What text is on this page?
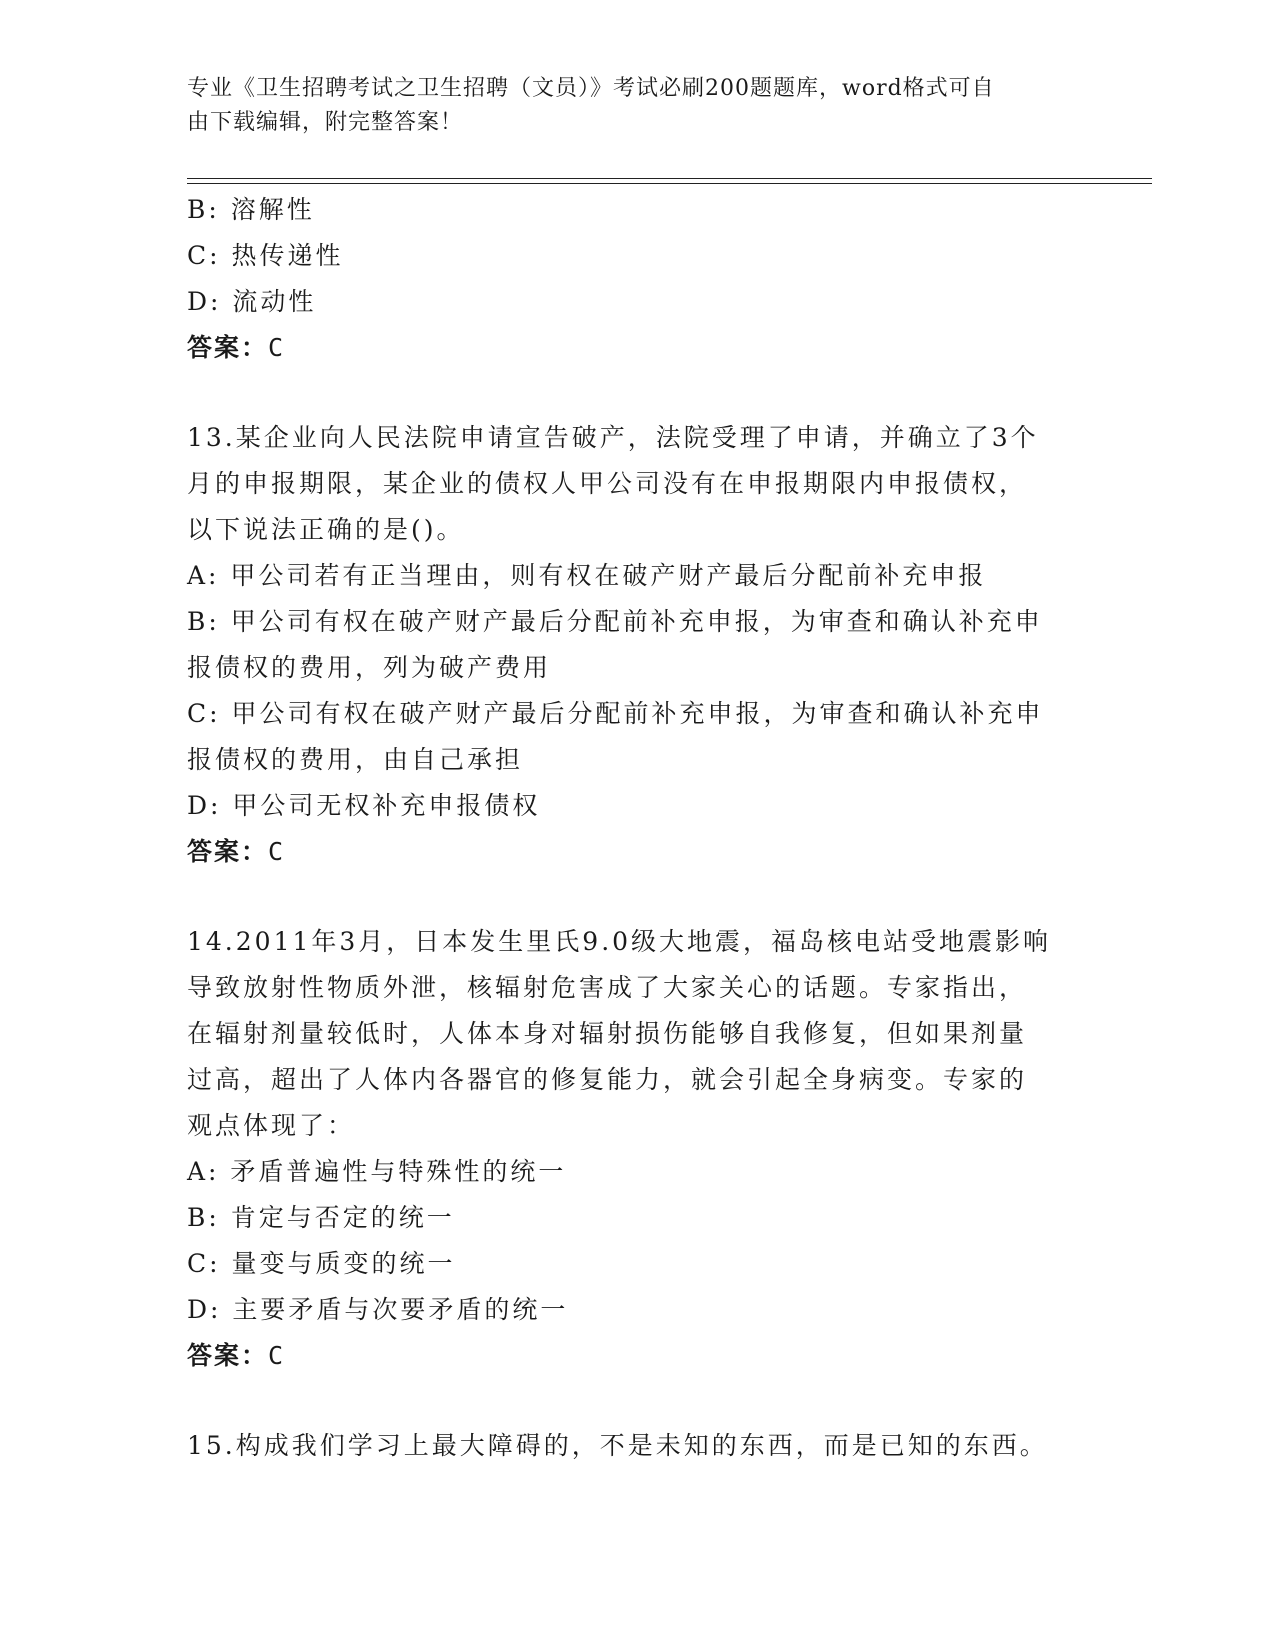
专业《卫生招聘考试之卫生招聘（文员）》考试必刷200题题库，word格式可自
由下载编辑，附完整答案！
B: 溶解性
C: 热传递性
D: 流动性
答案：C
13.某企业向人民法院申请宣告破产，法院受理了申请，并确立了3个
月的申报期限，某企业的债权人甲公司没有在申报期限内申报债权，
以下说法正确的是()。
A: 甲公司若有正当理由，则有权在破产财产最后分配前补充申报
B: 甲公司有权在破产财产最后分配前补充申报，为审查和确认补充申
报债权的费用，列为破产费用
C: 甲公司有权在破产财产最后分配前补充申报，为审查和确认补充申
报债权的费用，由自己承担
D: 甲公司无权补充申报债权
答案：C
14.2011年3月，日本发生里氏9.0级大地震，福岛核电站受地震影响
导致放射性物质外泄，核辐射危害成了大家关心的话题。专家指出，
在辐射剂量较低时，人体本身对辐射损伤能够自我修复，但如果剂量
过高，超出了人体内各器官的修复能力，就会引起全身病变。专家的
观点体现了：
A: 矛盾普遍性与特殊性的统一
B: 肯定与否定的统一
C: 量变与质变的统一
D: 主要矛盾与次要矛盾的统一
答案：C
15.构成我们学习上最大障碍的，不是未知的东西，而是已知的东西。
